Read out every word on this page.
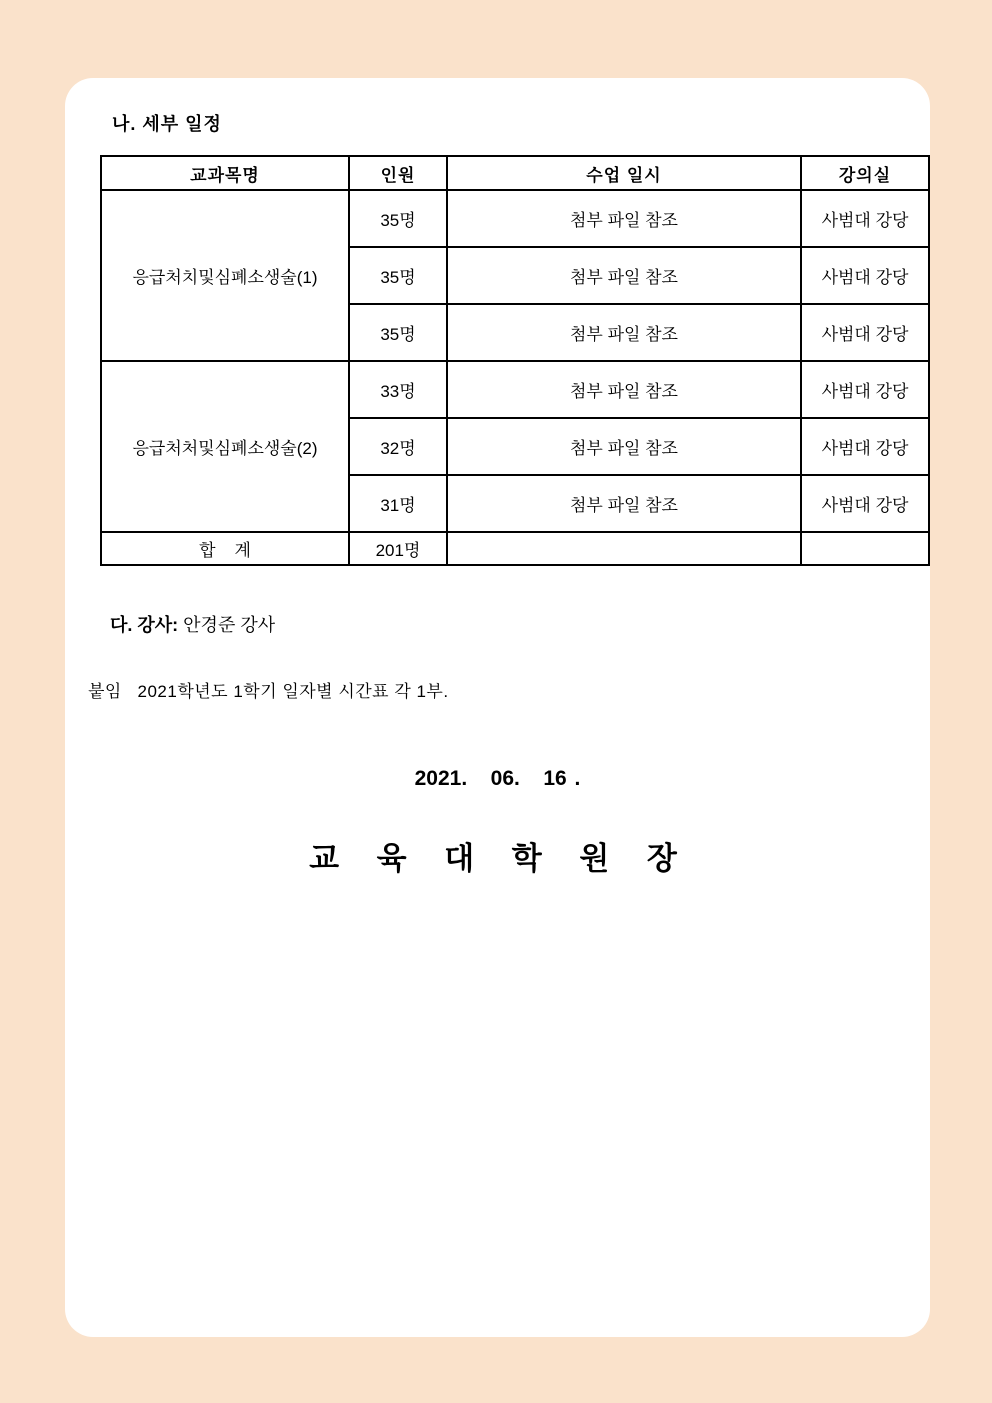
나. 세부 일정
교과목명	인원	수업 일시	강의실
응급처치및심폐소생술(1)	35명	첨부 파일 참조	사범대 강당
	35명	첨부 파일 참조	사범대 강당
	35명	첨부 파일 참조	사범대 강당
응급처처및심폐소생술(2)	33명	첨부 파일 참조	사범대 강당
	32명	첨부 파일 참조	사범대 강당
	31명	첨부 파일 참조	사범대 강당
합    계	201명		
다. 강사: 안경준 강사
붙임   2021학년도 1학기 일자별 시간표 각 1부.
2021.   06.   16 .
교 육 대 학 원 장
